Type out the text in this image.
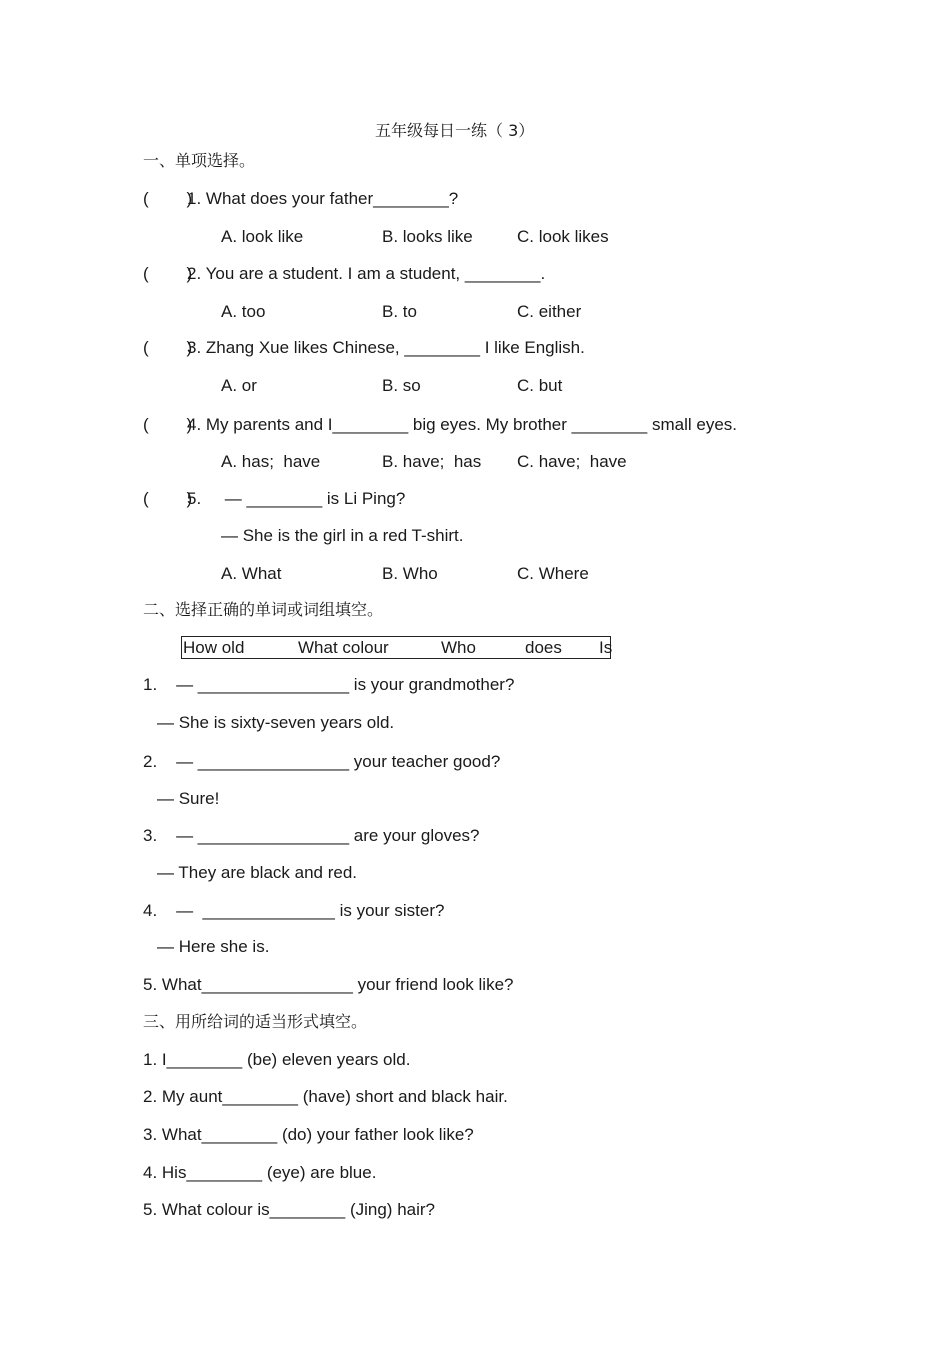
五年级每日一练（ 3）
一、单项选择。
(        )
1. What does your father________?
A. look like	B. looks like	C. look likes
(        )
2. You are a student. I am a student, ________.
A. too	B. to	C. either
(        )
3. Zhang Xue likes Chinese, ________ I like English.
A. or	B. so	C. but
(        )
4. My parents and I________ big eyes. My brother ________ small eyes.
A. has;  have	B. have;  has C. have;  have
(        )
5.     — ________ is Li Ping?
— She is the girl in a red T-shirt.
A. What	B. Who	C. Where
二、选择正确的单词或词组填空。
How old	What colour	Who	does Is
1.    — ________________ is your grandmother?
— She is sixty-seven years old.
2.    — ________________ your teacher good?
— Sure!
3.    — ________________ are your gloves?
— They are black and red.
4.    —  ______________ is your sister?
— Here she is.
5. What________________ your friend look like?
三、用所给词的适当形式填空。
1. I________ (be) eleven years old.
2. My aunt________ (have) short and black hair.
3. What________ (do) your father look like?
4. His________ (eye) are blue.
5. What colour is________ (Jing) hair?
